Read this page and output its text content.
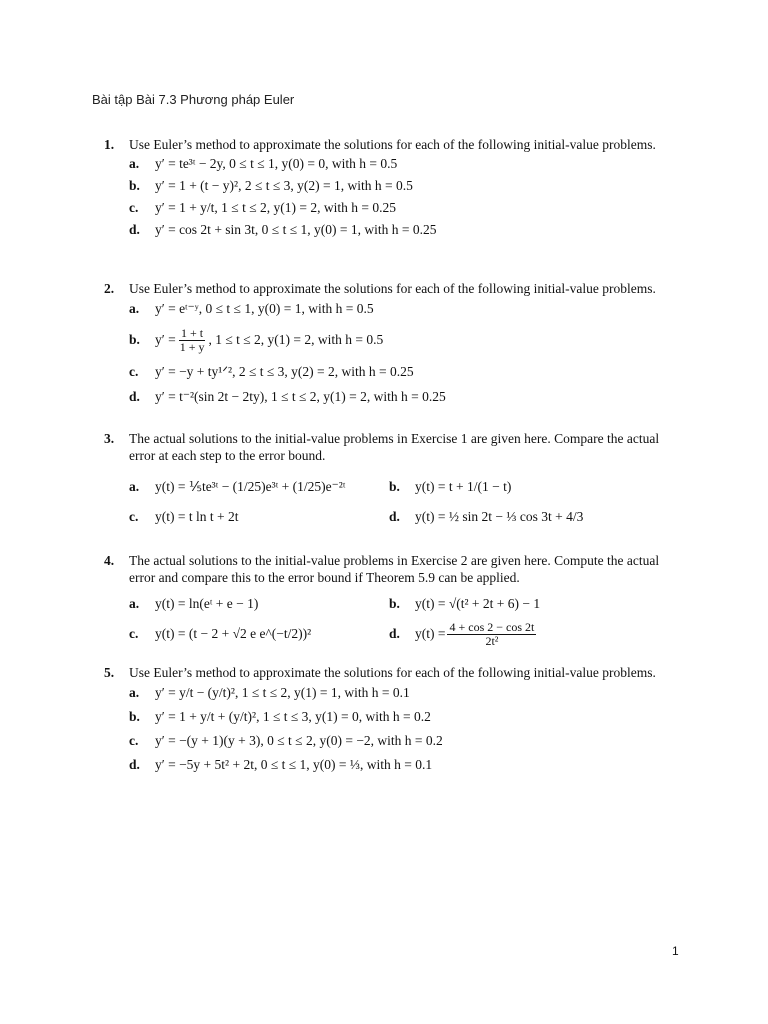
Bài tập Bài 7.3 Phương pháp Euler
1.	Use Euler’s method to approximate the solutions for each of the following initial-value problems.
a.	y′ = te³ᵗ − 2y, 0 ≤ t ≤ 1, y(0) = 0, with h = 0.5
b.	y′ = 1 + (t − y)², 2 ≤ t ≤ 3, y(2) = 1, with h = 0.5
c.	y′ = 1 + y/t, 1 ≤ t ≤ 2, y(1) = 2, with h = 0.25
d.	y′ = cos 2t + sin 3t, 0 ≤ t ≤ 1, y(0) = 1, with h = 0.25
2.	Use Euler’s method to approximate the solutions for each of the following initial-value problems.
a.	y′ = eᵗ⁻ʸ, 0 ≤ t ≤ 1, y(0) = 1, with h = 0.5
b.	$y' = \frac{1 + t}{1 + y}$ , 1 ≤ t ≤ 2, y(1) = 2, with h = 0.5
c.	y′ = −y + ty¹ᐟ², 2 ≤ t ≤ 3, y(2) = 2, with h = 0.25
d.	y′ = t⁻²(sin 2t − 2ty), 1 ≤ t ≤ 2, y(1) = 2, with h = 0.25
3.	The actual solutions to the initial-value problems in Exercise 1 are given here. Compare the actual error at each step to the error bound.
a.	y(t) = ⅕te³ᵗ − (1/25)e³ᵗ + (1/25)e⁻²ᵗ	b.	y(t) = t + 1/(1 − t)
c.	y(t) = t ln t + 2t	d.	y(t) = ½ sin 2t − ⅓ cos 3t + 4/3
4.	The actual solutions to the initial-value problems in Exercise 2 are given here. Compute the actual error and compare this to the error bound if Theorem 5.9 can be applied.
a.	y(t) = ln(eᵗ + e − 1)	b.	y(t) = √(t² + 2t + 6) − 1
c.	y(t) = (t − 2 + √2 e e^(−t/2))²	d.	$y(t) = \frac{4 + \cos 2 - \cos 2t}{\text{2t²}}$
5.	Use Euler’s method to approximate the solutions for each of the following initial-value problems.
a.	y′ = y/t − (y/t)², 1 ≤ t ≤ 2, y(1) = 1, with h = 0.1
b.	y′ = 1 + y/t + (y/t)², 1 ≤ t ≤ 3, y(1) = 0, with h = 0.2
c.	y′ = −(y + 1)(y + 3), 0 ≤ t ≤ 2, y(0) = −2, with h = 0.2
d.	y′ = −5y + 5t² + 2t, 0 ≤ t ≤ 1, y(0) = ⅓, with h = 0.1
1
